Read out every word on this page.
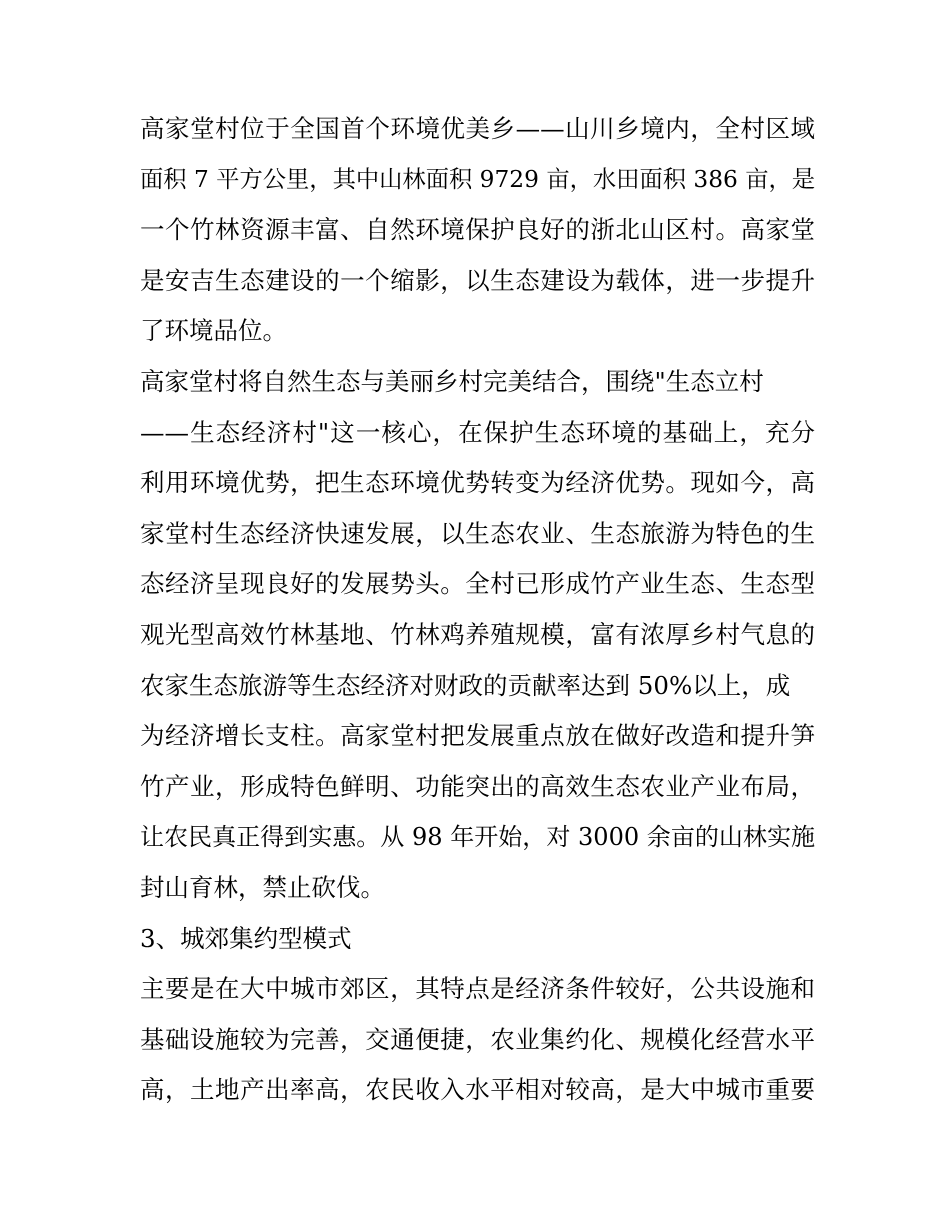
高家堂村位于全国首个环境优美乡——山川乡境内，全村区域
面积 7 平方公里，其中山林面积 9729 亩，水田面积 386 亩，是
一个竹林资源丰富、自然环境保护良好的浙北山区村。高家堂
是安吉生态建设的一个缩影，以生态建设为载体，进一步提升
了环境品位。
高家堂村将自然生态与美丽乡村完美结合，围绕"生态立村
——生态经济村"这一核心，在保护生态环境的基础上，充分
利用环境优势，把生态环境优势转变为经济优势。现如今，高
家堂村生态经济快速发展，以生态农业、生态旅游为特色的生
态经济呈现良好的发展势头。全村已形成竹产业生态、生态型
观光型高效竹林基地、竹林鸡养殖规模，富有浓厚乡村气息的
农家生态旅游等生态经济对财政的贡献率达到 50%以上，成
为经济增长支柱。高家堂村把发展重点放在做好改造和提升笋
竹产业，形成特色鲜明、功能突出的高效生态农业产业布局，
让农民真正得到实惠。从 98 年开始，对 3000 余亩的山林实施
封山育林，禁止砍伐。
3、城郊集约型模式
主要是在大中城市郊区，其特点是经济条件较好，公共设施和
基础设施较为完善，交通便捷，农业集约化、规模化经营水平
高，土地产出率高，农民收入水平相对较高，是大中城市重要
